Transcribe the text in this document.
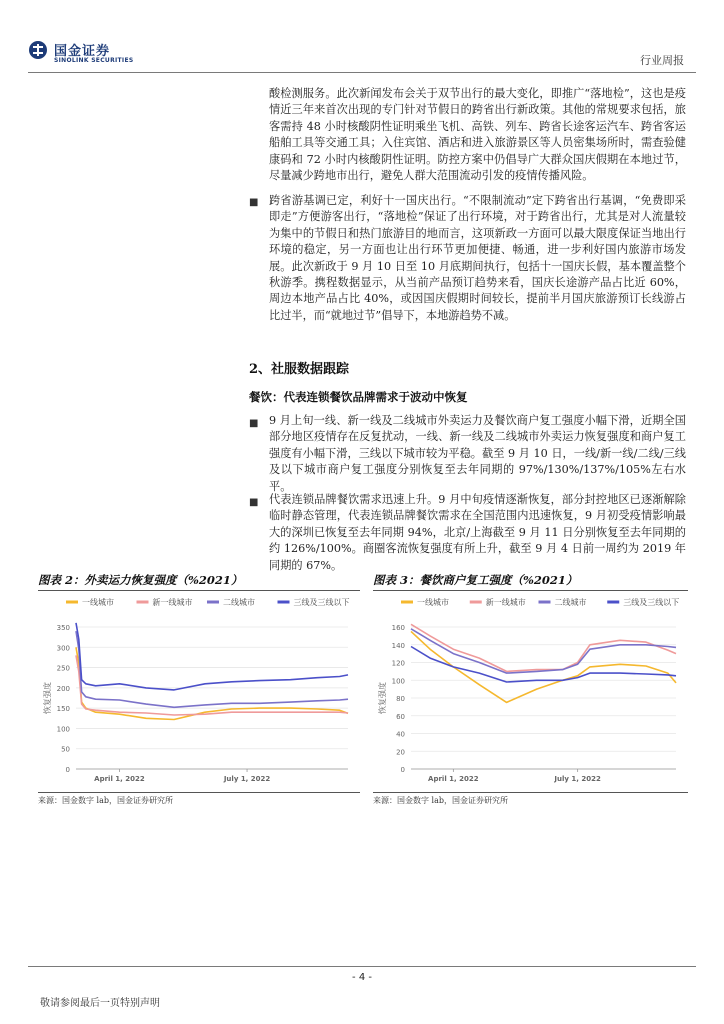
国金证券
SINOLINK SECURITIES	行业周报

酸检测服务。此次新闻发布会关于双节出行的最大变化，即推广“落地检”，这也是疫情近三年来首次出现的专门针对节假日的跨省出行新政策。其他的常规要求包括，旅客需持 48 小时核酸阴性证明乘坐飞机、高铁、列车、跨省长途客运汽车、跨省客运船舶工具等交通工具；入住宾馆、酒店和进入旅游景区等人员密集场所时，需查验健康码和 72 小时内核酸阴性证明。防控方案中仍倡导广大群众国庆假期在本地过节，尽量减少跨地市出行，避免人群大范围流动引发的疫情传播风险。

■ 跨省游基调已定，利好十一国庆出行。“不限制流动”定下跨省出行基调，“免费即采即走”方便游客出行，“落地检”保证了出行环境，对于跨省出行，尤其是对人流量较为集中的节假日和热门旅游目的地而言，这项新政一方面可以最大限度保证当地出行环境的稳定，另一方面也让出行环节更加便捷、畅通，进一步利好国内旅游市场发展。此次新政于 9 月 10 日至 10 月底期间执行，包括十一国庆长假，基本覆盖整个秋游季。携程数据显示，从当前产品预订趋势来看，国庆长途游产品占比近 60%，周边本地产品占比 40%，或因国庆假期时间较长，提前半月国庆旅游预订长线游占比过半，而“就地过节”倡导下，本地游趋势不减。

2、社服数据跟踪
餐饮：代表连锁餐饮品牌需求于波动中恢复
■ 9 月上旬一线、新一线及二线城市外卖运力及餐饮商户复工强度小幅下滑，近期全国部分地区疫情存在反复扰动，一线、新一线及二线城市外卖运力恢复强度和商户复工强度有小幅下滑，三线以下城市较为平稳。截至 9 月 10 日，一线/新一线/二线/三线及以下城市商户复工强度分别恢复至去年同期的 97%/130%/137%/105%左右水平。

■ 代表连锁品牌餐饮需求迅速上升。9 月中旬疫情逐渐恢复，部分封控地区已逐渐解除临时静态管理，代表连锁品牌餐饮需求在全国范围内迅速恢复，9 月初受疫情影响最大的深圳已恢复至去年同期 94%，北京/上海截至 9 月 11 日分别恢复至去年同期的约 126%/100%。商圈客流恢复强度有所上升，截至 9 月 4 日前一周约为 2019 年同期的 67%。

图表 2：外卖运力恢复强度（%2021）	图表 3：餐饮商户复工强度（%2021）
一线城市	新一线城市	二线城市	三线及三线以下
0
50
100
150
200
250
300
350
恢复强度
April 1, 2022	July 1, 2022
一线城市	新一线城市	二线城市	三线及三线以下
0
20
40
60
80
100
120
140
160
恢复强度
April 1, 2022	July 1, 2022
来源：国金数字 lab，国金证券研究所	来源：国金数字 lab，国金证券研究所
- 4 -
敬请参阅最后一页特别声明
